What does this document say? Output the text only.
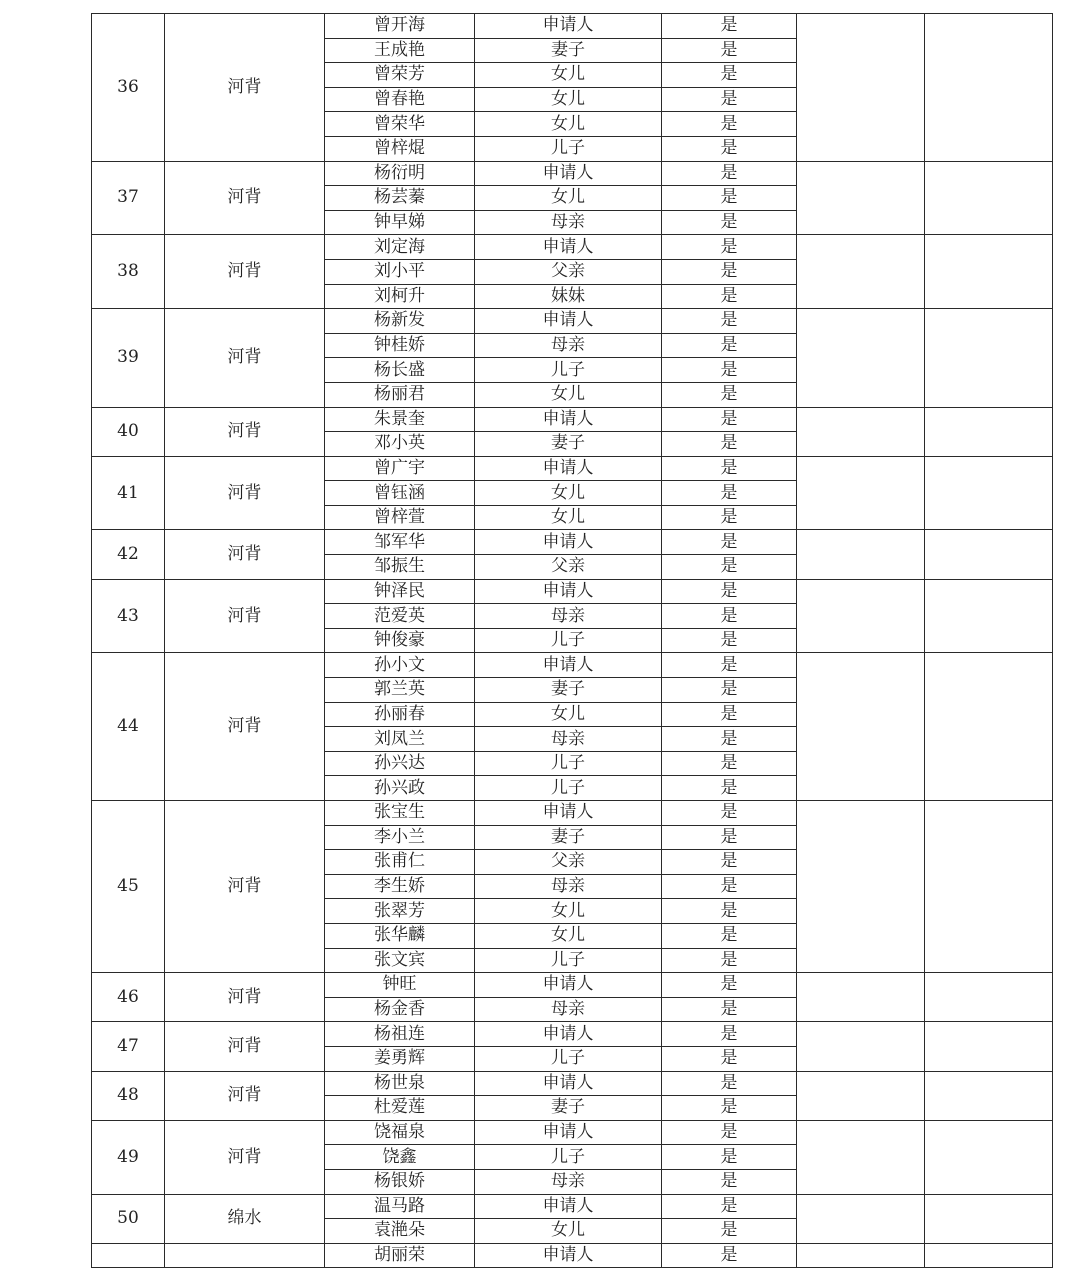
36	河背	曾开海	申请人	是		
		王成艳	妻子	是		
		曾荣芳	女儿	是		
		曾春艳	女儿	是		
		曾荣华	女儿	是		
		曾梓焜	儿子	是		
37	河背	杨衍明	申请人	是		
		杨芸蓁	女儿	是		
		钟早娣	母亲	是		
38	河背	刘定海	申请人	是		
		刘小平	父亲	是		
		刘柯升	妹妹	是		
39	河背	杨新发	申请人	是		
		钟桂娇	母亲	是		
		杨长盛	儿子	是		
		杨丽君	女儿	是		
40	河背	朱景奎	申请人	是		
		邓小英	妻子	是		
41	河背	曾广宇	申请人	是		
		曾钰涵	女儿	是		
		曾梓萱	女儿	是		
42	河背	邹军华	申请人	是		
		邹振生	父亲	是		
43	河背	钟泽民	申请人	是		
		范爱英	母亲	是		
		钟俊豪	儿子	是		
44	河背	孙小文	申请人	是		
		郭兰英	妻子	是		
		孙丽春	女儿	是		
		刘凤兰	母亲	是		
		孙兴达	儿子	是		
		孙兴政	儿子	是		
45	河背	张宝生	申请人	是		
		李小兰	妻子	是		
		张甫仁	父亲	是		
		李生娇	母亲	是		
		张翠芳	女儿	是		
		张华麟	女儿	是		
		张文宾	儿子	是		
46	河背	钟旺	申请人	是		
		杨金香	母亲	是		
47	河背	杨祖连	申请人	是		
		姜勇辉	儿子	是		
48	河背	杨世泉	申请人	是		
		杜爱莲	妻子	是		
49	河背	饶福泉	申请人	是		
		饶鑫	儿子	是		
		杨银娇	母亲	是		
50	绵水	温马路	申请人	是		
		袁滟朵	女儿	是		
		胡丽荣	申请人	是		
